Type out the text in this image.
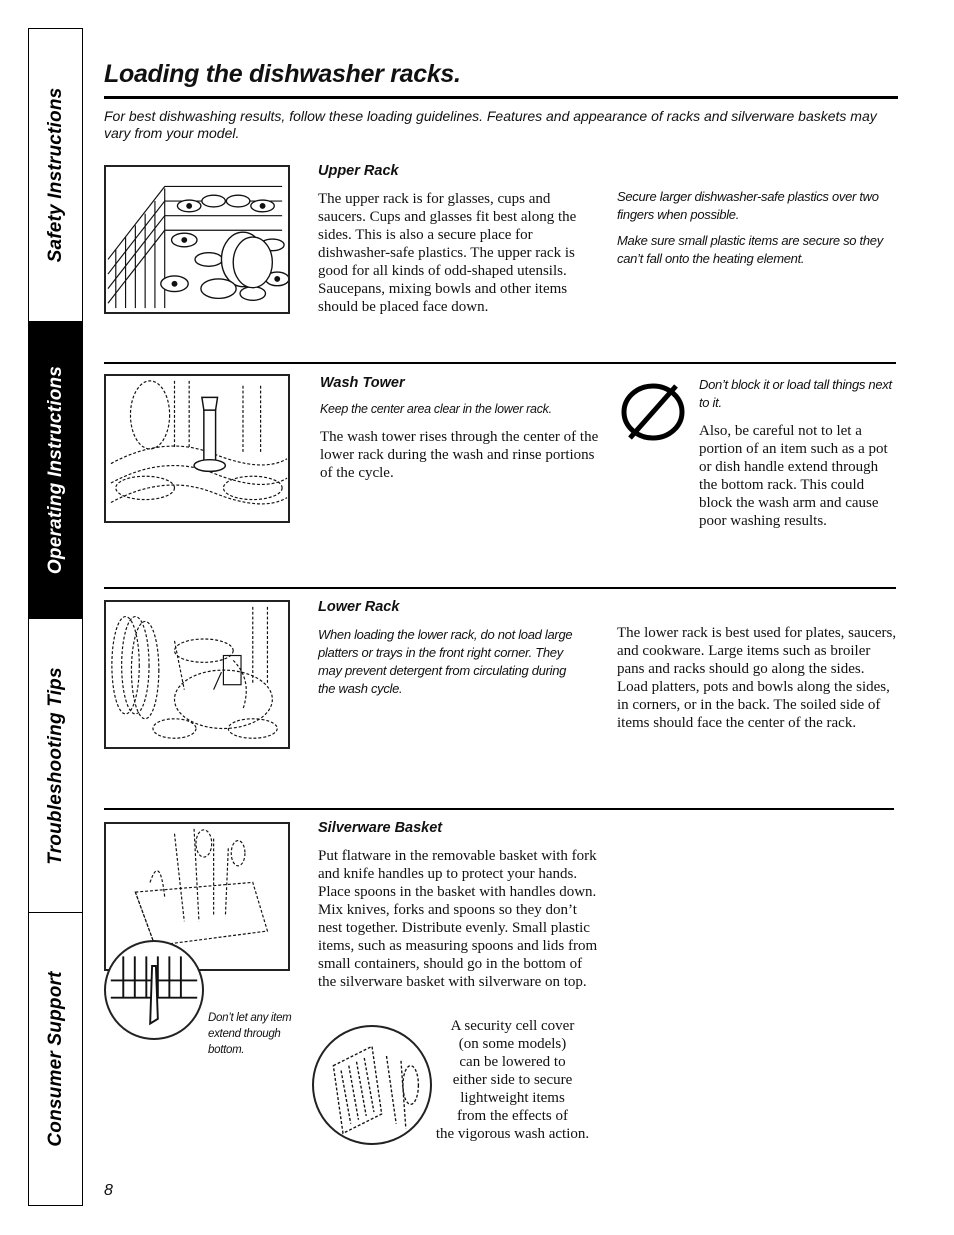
Safety Instructions
Operating Instructions
Troubleshooting Tips
Consumer Support
Loading the dishwasher racks.
For best dishwashing results, follow these loading guidelines. Features and appearance of racks and silverware baskets may vary from your model.
Upper Rack
The upper rack is for glasses, cups and saucers. Cups and glasses fit best along the sides. This is also a secure place for dishwasher-safe plastics. The upper rack is good for all kinds of odd-shaped utensils. Saucepans, mixing bowls and other items should be placed face down.

Secure larger dishwasher-safe plastics over two fingers when possible.

Make sure small plastic items are secure so they can’t fall onto the heating element.

Wash Tower
Keep the center area clear in the lower rack.
The wash tower rises through the center of the lower rack during the wash and rinse portions of the cycle.
Don’t block it or load tall things next to it.
Also, be careful not to let a portion of an item such as a pot or dish handle extend through the bottom rack. This could block the wash arm and cause poor washing results.
Lower Rack
When loading the lower rack, do not load large platters or trays in the front right corner. They may prevent detergent from circulating during the wash cycle.
The lower rack is best used for plates, saucers, and cookware. Large items such as broiler pans and racks should go along the sides. Load platters, pots and bowls along the sides, in corners, or in the back. The soiled side of items should face the center of the rack.
Don’t let any item extend through bottom.
Silverware Basket
Put flatware in the removable basket with fork and knife handles up to protect your hands. Place spoons in the basket with handles down. Mix knives, forks and spoons so they don’t nest together. Distribute evenly. Small plastic items, such as measuring spoons and lids from small containers, should go in the bottom of the silverware basket with silverware on top.
A security cell cover
(on some models)
can be lowered to
either side to secure
lightweight items
from the effects of
the vigorous wash action.
8
